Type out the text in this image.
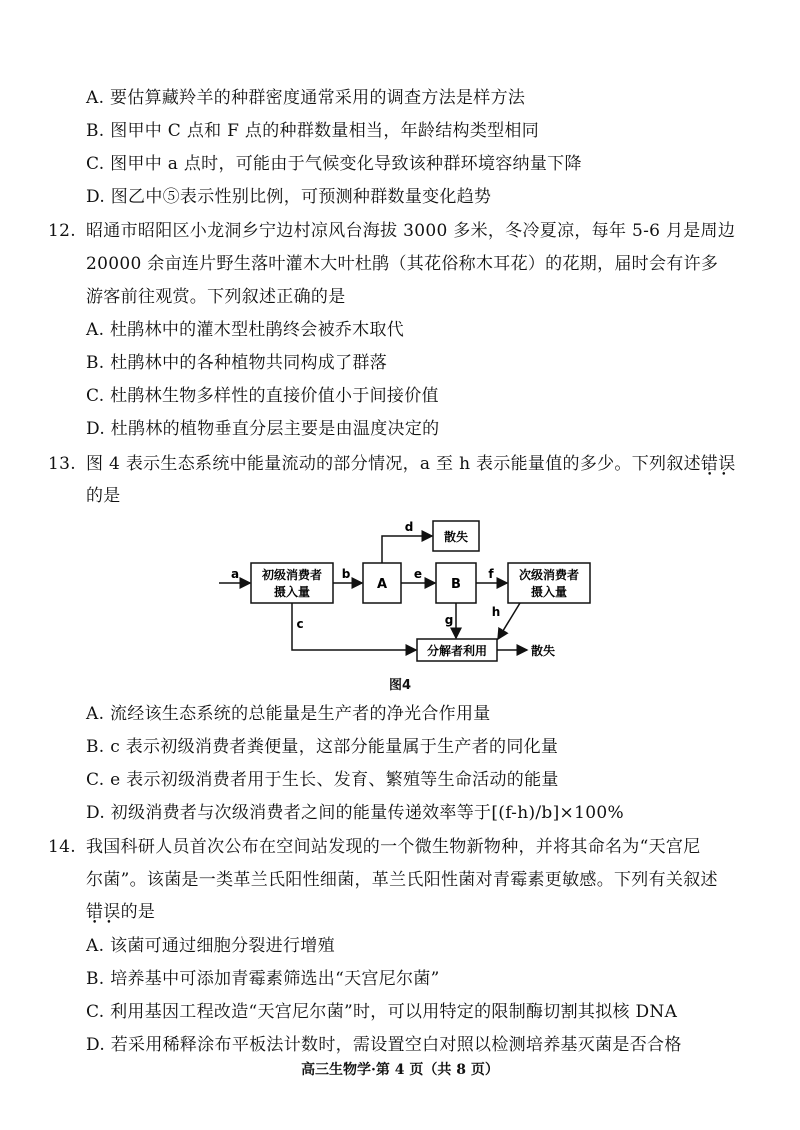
A. 要估算藏羚羊的种群密度通常采用的调查方法是样方法
B. 图甲中 C 点和 F 点的种群数量相当，年龄结构类型相同
C. 图甲中 a 点时，可能由于气候变化导致该种群环境容纳量下降
D. 图乙中⑤表示性别比例，可预测种群数量变化趋势
12. 昭通市昭阳区小龙洞乡宁边村凉风台海拔 3000 多米，冬冷夏凉，每年 5-6 月是周边
20000 余亩连片野生落叶灌木大叶杜鹃（其花俗称木耳花）的花期，届时会有许多
游客前往观赏。下列叙述正确的是
A. 杜鹃林中的灌木型杜鹃终会被乔木取代
B. 杜鹃林中的各种植物共同构成了群落
C. 杜鹃林生物多样性的直接价值小于间接价值
D. 杜鹃林的植物垂直分层主要是由温度决定的
13. 图 4 表示生态系统中能量流动的部分情况，a 至 h 表示能量值的多少。下列叙述错误 • •
的是
初级消费者
摄入量	A
散失
B
次级消费者
摄入量
分解者利用
a	b
c
d
e	f
g
h
散失
图4
A. 流经该生态系统的总能量是生产者的净光合作用量
B. c 表示初级消费者粪便量，这部分能量属于生产者的同化量
C. e 表示初级消费者用于生长、发育、繁殖等生命活动的能量
D. 初级消费者与次级消费者之间的能量传递效率等于[(f-h)/b]×100%
14. 我国科研人员首次公布在空间站发现的一个微生物新物种，并将其命名为“天宫尼
尔菌”。该菌是一类革兰氏阳性细菌，革兰氏阳性菌对青霉素更敏感。下列有关叙述
错误 • •的是
A. 该菌可通过细胞分裂进行增殖
B. 培养基中可添加青霉素筛选出“天宫尼尔菌”
C. 利用基因工程改造“天宫尼尔菌”时，可以用特定的限制酶切割其拟核 DNA
D. 若采用稀释涂布平板法计数时，需设置空白对照以检测培养基灭菌是否合格
高三生物学·第 4 页（共 8 页）
